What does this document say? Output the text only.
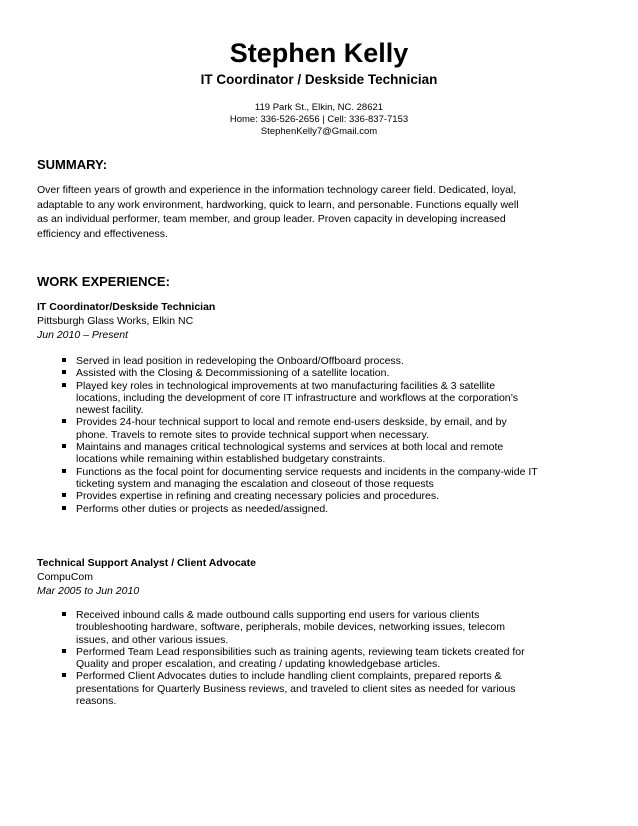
Stephen Kelly
IT Coordinator / Deskside Technician
119 Park St., Elkin, NC. 28621
Home: 336-526-2656 | Cell: 336-837-7153
StephenKelly7@Gmail.com
SUMMARY:
Over fifteen years of growth and experience in the information technology career field. Dedicated, loyal,
adaptable to any work environment, hardworking, quick to learn, and personable. Functions equally well
as an individual performer, team member, and group leader. Proven capacity in developing increased
efficiency and effectiveness.
WORK EXPERIENCE:
IT Coordinator/Deskside Technician
Pittsburgh Glass Works, Elkin NC
Jun 2010 – Present
Served in lead position in redeveloping the Onboard/Offboard process.
Assisted with the Closing & Decommissioning of a satellite location.
Played key roles in technological improvements at two manufacturing facilities & 3 satellite
locations, including the development of core IT infrastructure and workflows at the corporation’s
newest facility.
Provides 24-hour technical support to local and remote end-users deskside, by email, and by
phone. Travels to remote sites to provide technical support when necessary.
Maintains and manages critical technological systems and services at both local and remote
locations while remaining within established budgetary constraints.
Functions as the focal point for documenting service requests and incidents in the company-wide IT
ticketing system and managing the escalation and closeout of those requests
Provides expertise in refining and creating necessary policies and procedures.
Performs other duties or projects as needed/assigned.
Technical Support Analyst / Client Advocate
CompuCom
Mar 2005 to Jun 2010
Received inbound calls & made outbound calls supporting end users for various clients
troubleshooting hardware, software, peripherals, mobile devices, networking issues, telecom
issues, and other various issues.
Performed Team Lead responsibilities such as training agents, reviewing team tickets created for
Quality and proper escalation, and creating / updating knowledgebase articles.
Performed Client Advocates duties to include handling client complaints, prepared reports &
presentations for Quarterly Business reviews, and traveled to client sites as needed for various
reasons.
